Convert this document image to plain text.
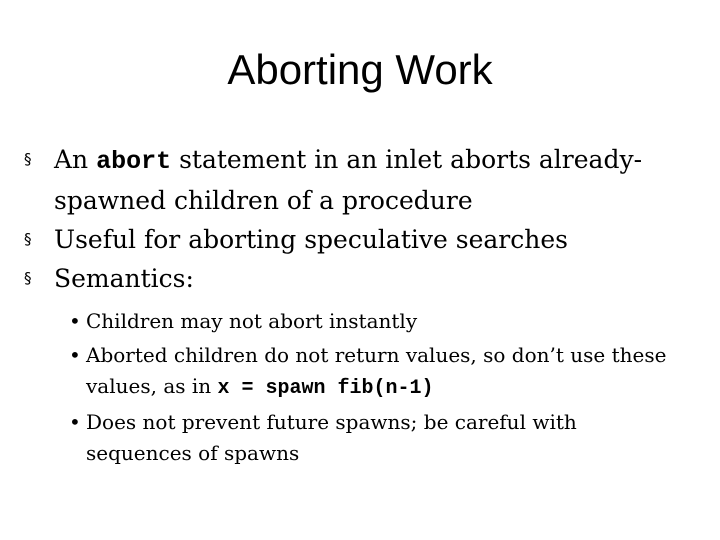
Aborting Work
§ An abort statement in an inlet aborts already-spawned children of a procedure
§ Useful for aborting speculative searches
§ Semantics:
• Children may not abort instantly
• Aborted children do not return values, so don’t use these values, as in x = spawn fib(n-1)
• Does not prevent future spawns; be careful with sequences of spawns
